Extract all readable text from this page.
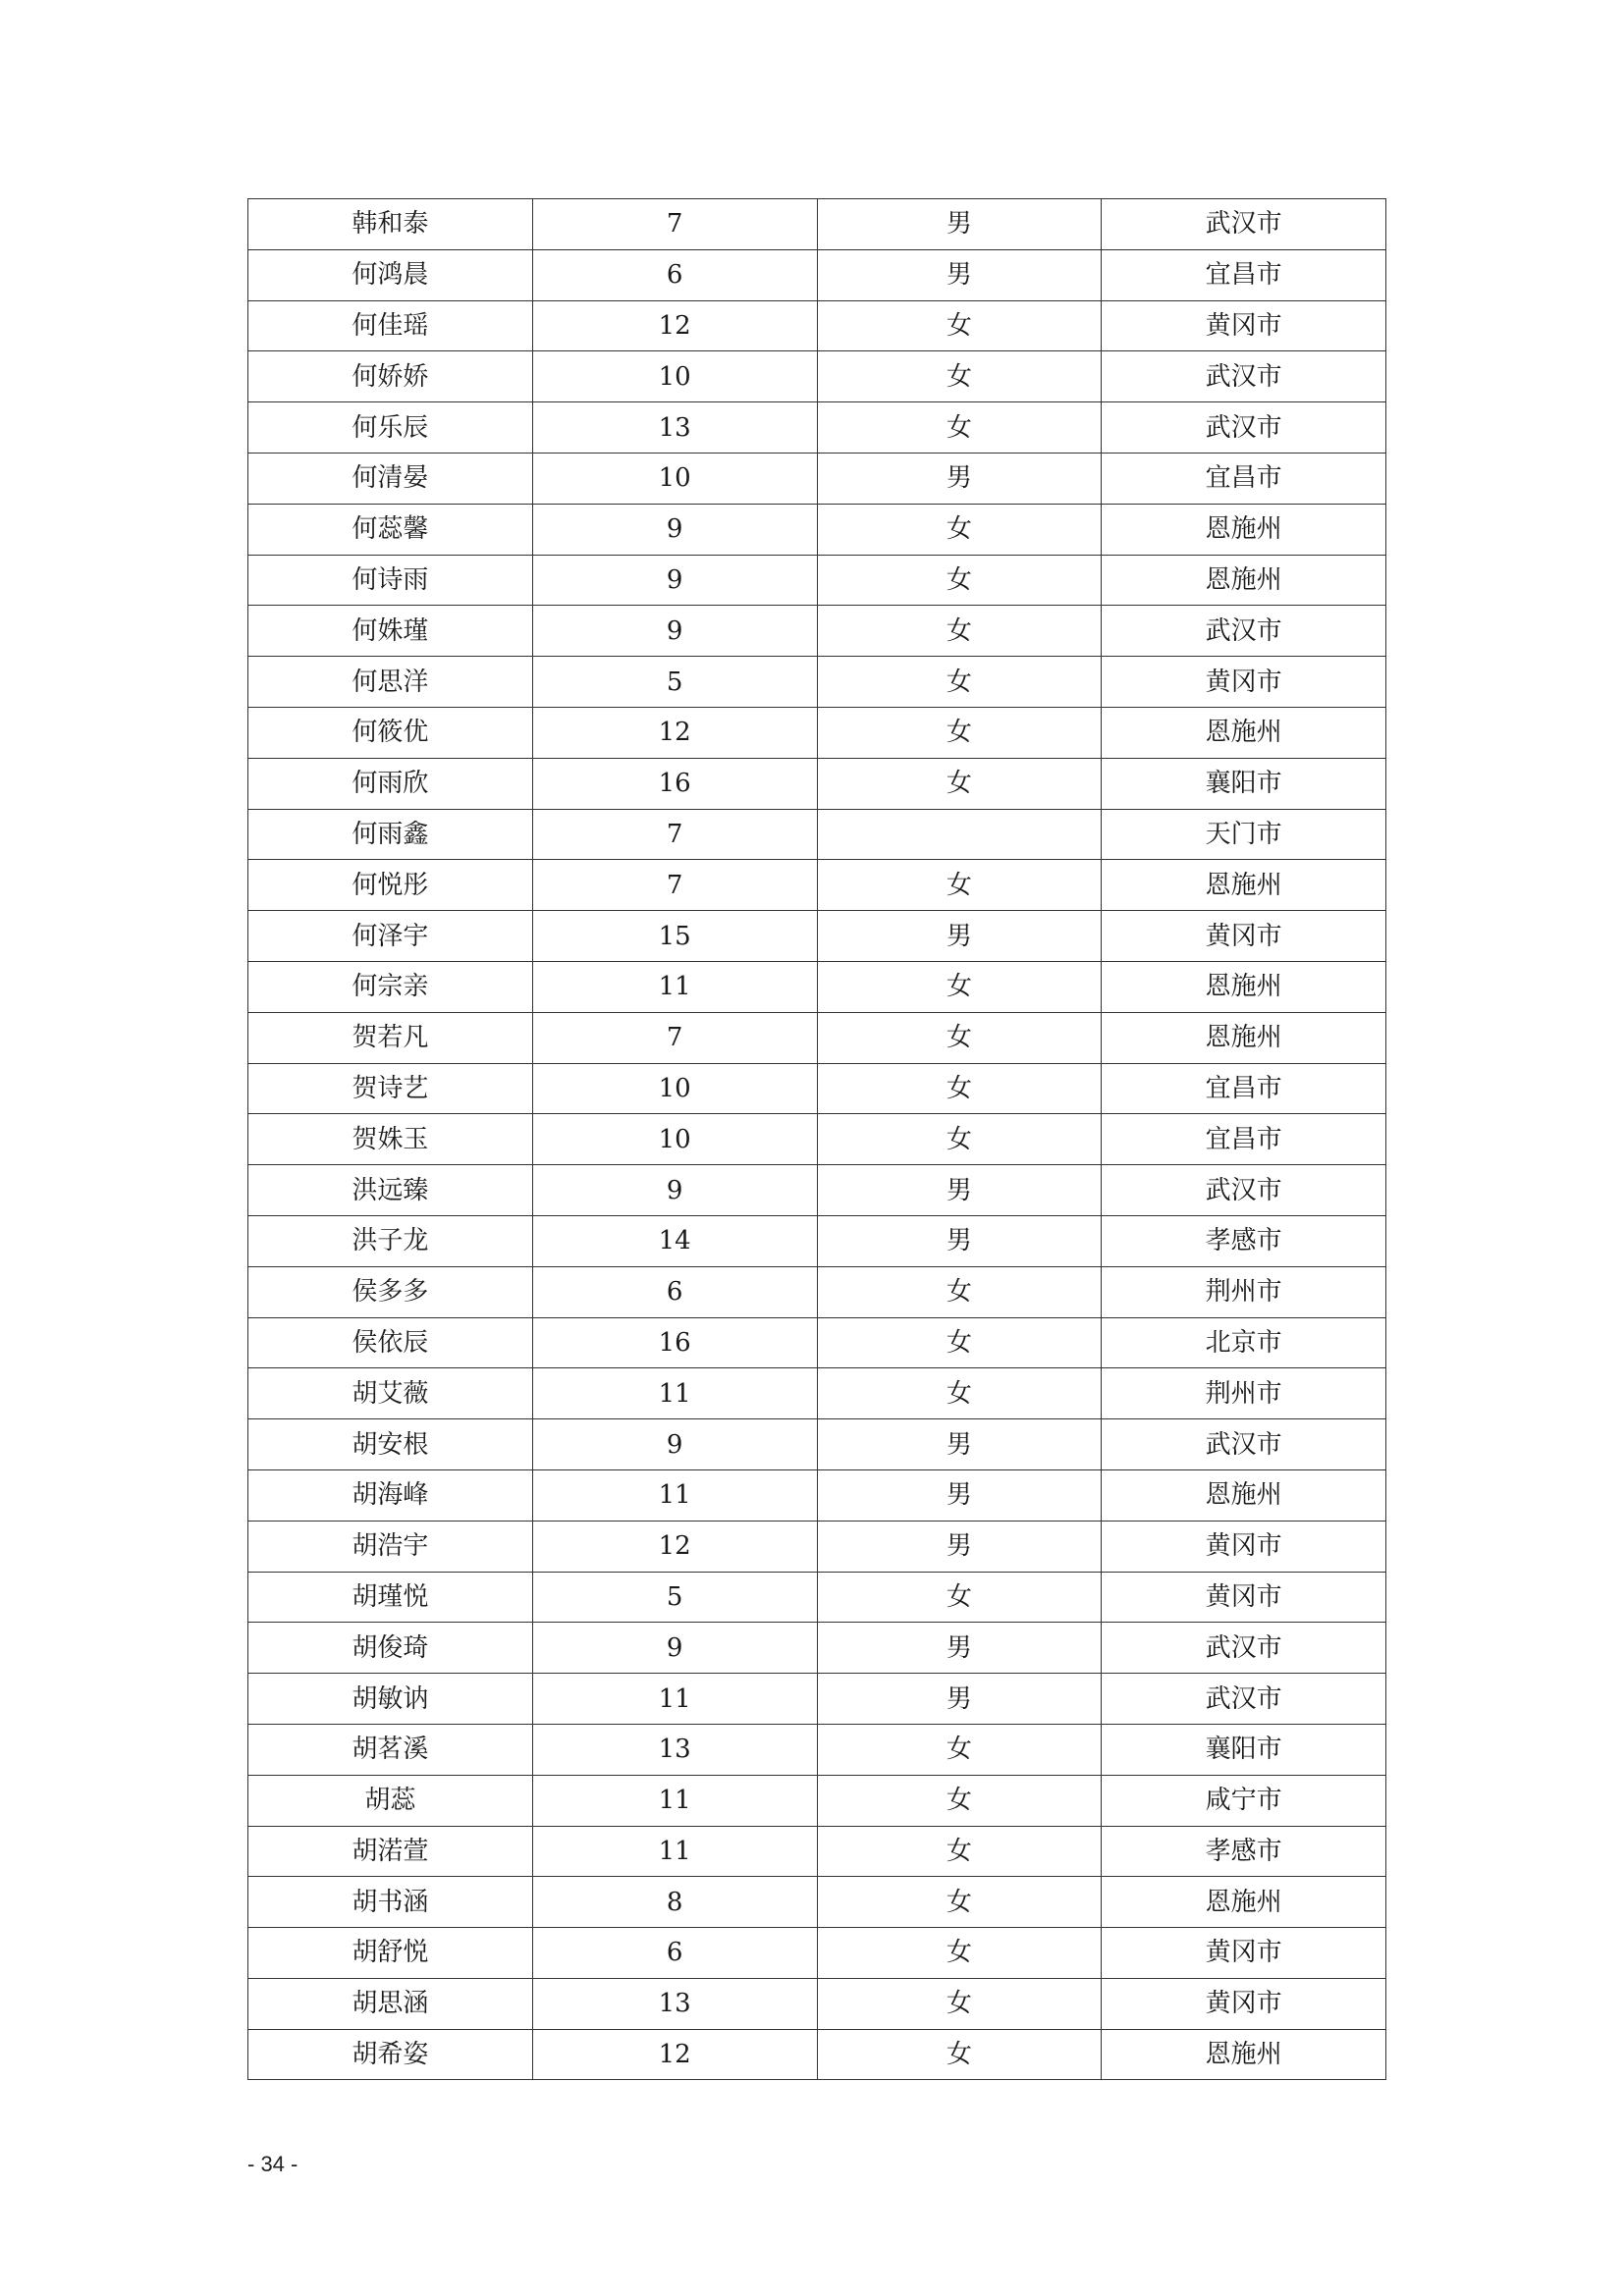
韩和泰	7	男	武汉市
何鸿晨	6	男	宜昌市
何佳瑶	12	女	黄冈市
何娇娇	10	女	武汉市
何乐辰	13	女	武汉市
何清晏	10	男	宜昌市
何蕊馨	9	女	恩施州
何诗雨	9	女	恩施州
何姝瑾	9	女	武汉市
何思洋	5	女	黄冈市
何筱优	12	女	恩施州
何雨欣	16	女	襄阳市
何雨鑫	7		天门市
何悦彤	7	女	恩施州
何泽宇	15	男	黄冈市
何宗亲	11	女	恩施州
贺若凡	7	女	恩施州
贺诗艺	10	女	宜昌市
贺姝玉	10	女	宜昌市
洪远臻	9	男	武汉市
洪子龙	14	男	孝感市
侯多多	6	女	荆州市
侯依辰	16	女	北京市
胡艾薇	11	女	荆州市
胡安根	9	男	武汉市
胡海峰	11	男	恩施州
胡浩宇	12	男	黄冈市
胡瑾悦	5	女	黄冈市
胡俊琦	9	男	武汉市
胡敏讷	11	男	武汉市
胡茗溪	13	女	襄阳市
胡蕊	11	女	咸宁市
胡渃萱	11	女	孝感市
胡书涵	8	女	恩施州
胡舒悦	6	女	黄冈市
胡思涵	13	女	黄冈市
胡希姿	12	女	恩施州
- 34 -
